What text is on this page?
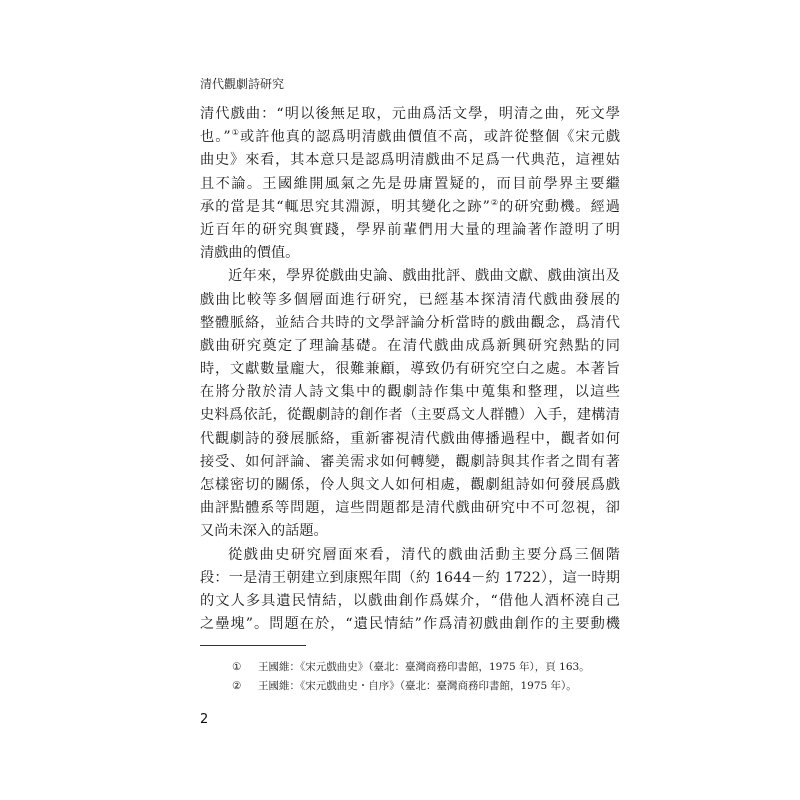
清代觀劇詩研究
清代戲曲：“明以後無足取，元曲爲活文學，明清之曲，死文學
也。”①或許他真的認爲明清戲曲價值不高，或許從整個《宋元戲
曲史》來看，其本意只是認爲明清戲曲不足爲一代典范，這裡姑
且不論。王國維開風氣之先是毋庸置疑的，而目前學界主要繼
承的當是其“輒思究其淵源，明其變化之跡”②的研究動機。經過
近百年的研究與實踐，學界前輩們用大量的理論著作證明了明
清戲曲的價值。
近年來，學界從戲曲史論、戲曲批評、戲曲文獻、戲曲演出及
戲曲比較等多個層面進行研究，已經基本探清清代戲曲發展的
整體脈絡，並結合共時的文學評論分析當時的戲曲觀念，爲清代
戲曲研究奠定了理論基礎。在清代戲曲成爲新興研究熱點的同
時，文獻數量龐大，很難兼顧，導致仍有研究空白之處。本著旨
在將分散於清人詩文集中的觀劇詩作集中蒐集和整理，以這些
史料爲依託，從觀劇詩的創作者（主要爲文人群體）入手，建構清
代觀劇詩的發展脈絡，重新審視清代戲曲傳播過程中，觀者如何
接受、如何評論、審美需求如何轉變，觀劇詩與其作者之間有著
怎樣密切的關係，伶人與文人如何相處，觀劇組詩如何發展爲戲
曲評點體系等問題，這些問題都是清代戲曲研究中不可忽視，卻
又尚未深入的話題。
從戲曲史研究層面來看，清代的戲曲活動主要分爲三個階
段：一是清王朝建立到康熙年間（約 1644－約 1722），這一時期
的文人多具遺民情結，以戲曲創作爲媒介，“借他人酒杯澆自己
之壘塊”。問題在於，“遺民情結”作爲清初戲曲創作的主要動機
① 王國維：《宋元戲曲史》（臺北：臺灣商務印書館，1975 年），頁 163。
② 王國維：《宋元戲曲史・自序》（臺北：臺灣商務印書館，1975 年）。
2
